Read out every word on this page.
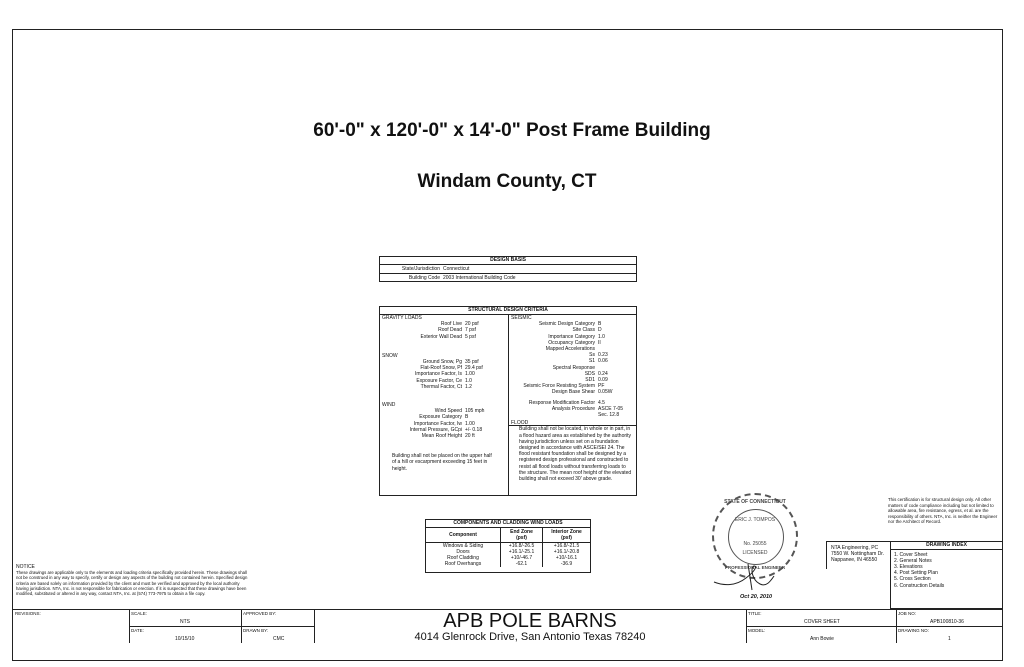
60'-0" x 120'-0" x 14'-0" Post Frame Building
Windam County, CT
DESIGN BASIS
State/Jurisdiction Connecticut
Building Code 2003 International Building Code
STRUCTURAL DESIGN CRITERIA
GRAVITY LOADS
Roof Live 20 psf
Roof Dead 7 psf
Exterior Wall Dead 5 psf
SNOW
Ground Snow, Pg 35 psf
Flat-Roof Snow, Pf 29.4 psf
Importance Factor, Is 1.00
Exposure Factor, Ce 1.0
Thermal Factor, Ct 1.2
WIND
Wind Speed 105 mph
Exposure Category B
Importance Factor, Iw 1.00
Internal Pressure, GCpi +/- 0.18
Mean Roof Height 20 ft
Building shall not be placed on the upper half of a hill or escarpment exceeding 15 feet in height.
SEISMIC
Seismic Design Category B
Site Class D
Importance Category 1.0
Occupancy Category II
Mapped Accelerations
Ss 0.23
S1 0.06
Spectral Response
SDS 0.24
SD1 0.09
Seismic Force Resisting System PF
Design Base Shear 0.05W
Response Modification Factor 4.5
Analysis Procedure ASCE 7-05
Sec. 12.8
FLOOD
Building shall not be located, in whole or in part, in a flood hazard area as established by the authority having jurisdiction unless set on a foundation designed in accordance with ASCE/SEI 24. The flood resistant foundation shall be designed by a registered design professional and constructed to resist all flood loads without transferring loads to the structure. The mean roof height of the elevated building shall not exceed 30' above grade.
COMPONENTS AND CLADDING WIND LOADS
Component	End Zone (psf)	Interior Zone (psf)
Windows & Siding	+16.8/-26.5	+16.8/-21.5
Doors	+16.1/-25.1	+16.1/-20.8
Roof Cladding	+10/-46.7	+10/-16.1
Roof Overhangs	-62.1	-36.9
NOTICE
These drawings are applicable only to the elements and loading criteria specifically provided herein. These drawings shall not be construed in any way to specify, certify or design any aspects of the building not contained herein. Specified design criteria are based solely on information provided by the client and must be verified and approved by the local authority having jurisdiction. NTA, Inc. is not responsible for fabrication or erection. If it is suspected that these drawings have been modified, substituted or altered in any way, contact NTA, Inc. at (574) 773-7975 to obtain a file copy.
STATE OF CONNECTICUT
ERIC J. TOMPOS
No. 25055
LICENSED
PROFESSIONAL ENGINEER
Oct 20, 2010
This certification is for structural design only. All other matters of code compliance including but not limited to allowable area, fire resistance, egress, et al. are the responsibility of others. NTA, Inc. is neither the Engineer nor the Architect of Record.
NTA Engineering, PC
7550 W. Nottingham Dr.
Nappanee, IN 46550
DRAWING INDEX
1. Cover Sheet
2. General Notes
3. Elevations
4. Post Setting Plan
5. Cross Section
6. Construction Details
REVISIONS:	SCALE:
NTS
APPROVED BY:
DATE:
10/15/10
DRAWN BY:
CMC
APB POLE BARNS
4014 Glenrock Drive, San Antonio Texas 78240
TITLE:
COVER SHEET
MODEL:
Ann Bowie
JOB NO:
APB100810-36
DRAWING NO:
1
